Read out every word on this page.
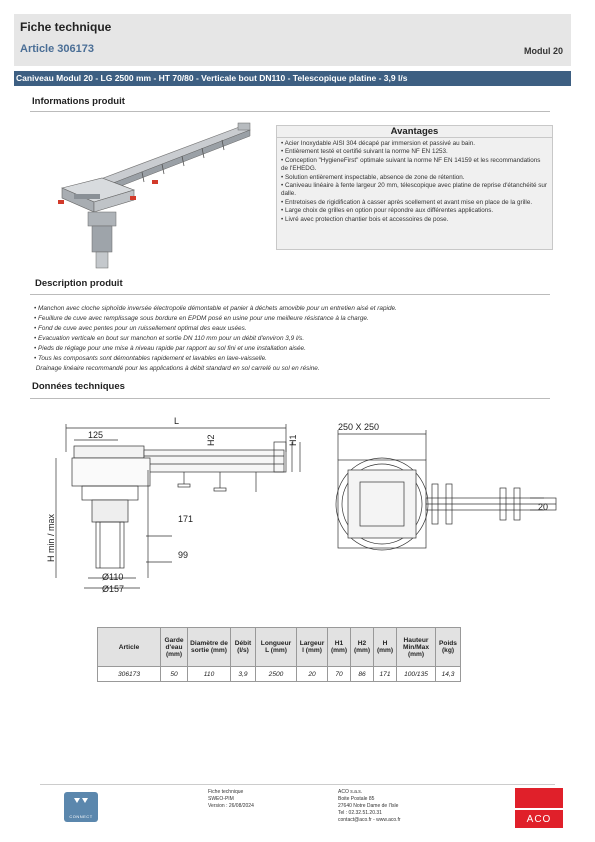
Fiche technique
Article 306173	Modul 20
Caniveau Modul 20 - LG 2500 mm - HT 70/80 - Verticale bout DN110 - Telescopique platine - 3,9 l/s
Informations produit
Avantages
• Acier Inoxydable AISI 304 décapé par immersion et passivé au bain.
• Entièrement testé et certifié suivant la norme NF EN 1253.
• Conception "HygieneFirst" optimale suivant la norme NF EN 14159 et les recommandations de l'EHEDG.
• Solution entièrement inspectable, absence de zone de rétention.
• Caniveau linéaire à fente largeur 20 mm, télescopique avec platine de reprise d'étanchéité sur dalle.
• Entretoises de rigidification à casser après scellement et avant mise en place de la grille.
• Large choix de grilles en option pour répondre aux différentes applications.
• Livré avec protection chantier bois et accessoires de pose.
Description produit
• Manchon avec cloche siphoïde inversée électropolie démontable et panier à déchets amovible pour un entretien aisé et rapide.
• Feuillure de cuve avec remplissage sous bordure en EPDM posé en usine pour une meilleure résistance à la charge.
• Fond de cuve avec pentes pour un ruissellement optimal des eaux usées.
• Evacuation verticale en bout sur manchon et sortie DN 110 mm pour un débit d'environ 3,9 l/s.
• Pieds de réglage pour une mise à niveau rapide par rapport au sol fini et une installation aisée.
• Tous les composants sont démontables rapidement et lavables en lave-vaisselle.
Drainage linéaire recommandé pour les applications à débit standard en sol carrelé ou sol en résine.
Données techniques
L
125	H2	H1
H min / max	171
99
Ø110
Ø157
250 X 250
20
Article	Garde d'eau (mm)	Diamètre de sortie (mm)	Débit (l/s)	Longueur L (mm)	Largeur l (mm)	H1 (mm)	H2 (mm)	H (mm)	Hauteur Min/Max (mm)	Poids (kg)
306173	50	110	3,9	2500	20	70	86	171	100/135	14,3
CONNECT
Fiche technique
SWEO-PIM
Version : 26/08/2024
ACO s.a.s.
Boite Postale 85
27640 Notre Dame de l'Isle
Tel : 02.32.51.20.31
contact@aco.fr - www.aco.fr	ACO
